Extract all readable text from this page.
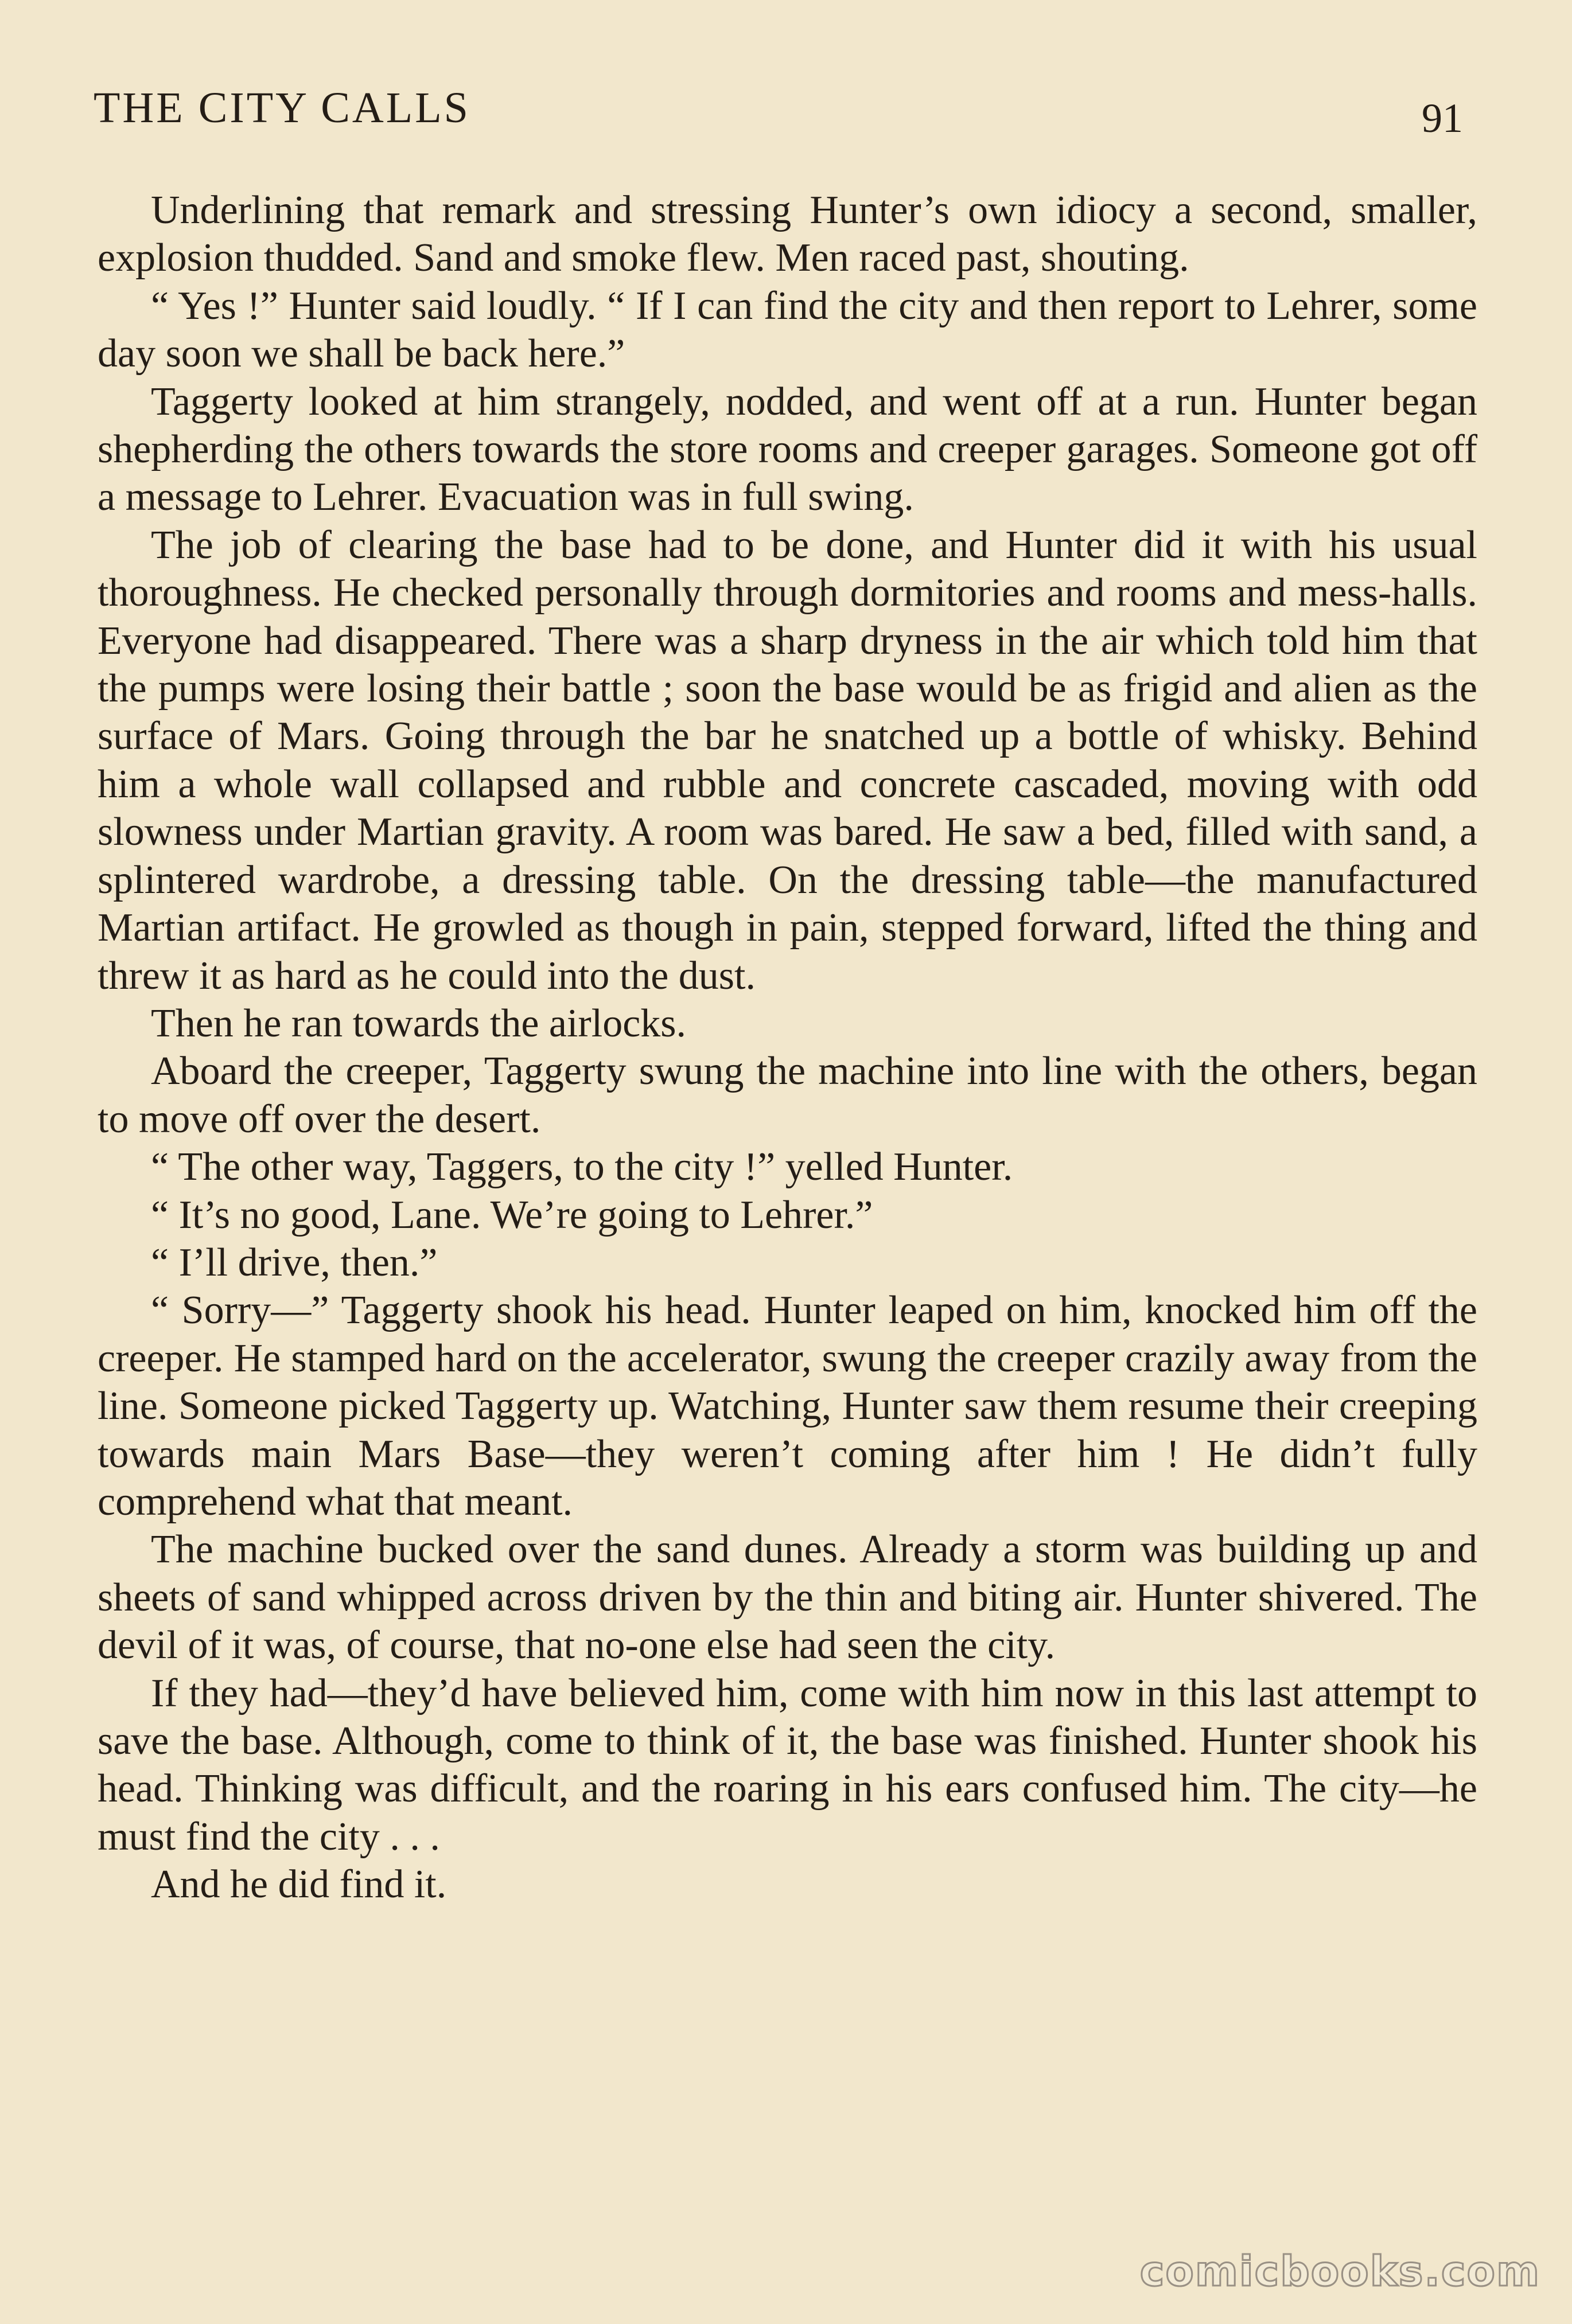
THE CITY CALLS	91

Underlining that remark and stressing Hunter’s own idiocy a second, smaller, explosion thudded. Sand and smoke flew. Men raced past, shouting.

“ Yes !” Hunter said loudly. “ If I can find the city and then report to Lehrer, some day soon we shall be back here.”

Taggerty looked at him strangely, nodded, and went off at a run. Hunter began shepherding the others towards the store rooms and creeper garages. Someone got off a message to Lehrer. Evacuation was in full swing.

The job of clearing the base had to be done, and Hunter did it with his usual thoroughness. He checked personally through dormitories and rooms and mess-halls. Everyone had disappeared. There was a sharp dryness in the air which told him that the pumps were losing their battle ; soon the base would be as frigid and alien as the surface of Mars. Going through the bar he snatched up a bottle of whisky. Behind him a whole wall collapsed and rubble and concrete cascaded, moving with odd slowness under Martian gravity. A room was bared. He saw a bed, filled with sand, a splintered wardrobe, a dressing table. On the dressing table—the manufactured Martian artifact. He growled as though in pain, stepped forward, lifted the thing and threw it as hard as he could into the dust.

Then he ran towards the airlocks.

Aboard the creeper, Taggerty swung the machine into line with the others, began to move off over the desert.

“ The other way, Taggers, to the city !” yelled Hunter.

“ It’s no good, Lane. We’re going to Lehrer.”

“ I’ll drive, then.”

“ Sorry—” Taggerty shook his head. Hunter leaped on him, knocked him off the creeper. He stamped hard on the accelerator, swung the creeper crazily away from the line. Someone picked Taggerty up. Watching, Hunter saw them resume their creeping towards main Mars Base—they weren’t coming after him ! He didn’t fully comprehend what that meant.

The machine bucked over the sand dunes. Already a storm was building up and sheets of sand whipped across driven by the thin and biting air. Hunter shivered. The devil of it was, of course, that no-one else had seen the city.

If they had—they’d have believed him, come with him now in this last attempt to save the base. Although, come to think of it, the base was finished. Hunter shook his head. Thinking was difficult, and the roaring in his ears confused him. The city—he must find the city . . .

And he did find it.

comicbooks.com
